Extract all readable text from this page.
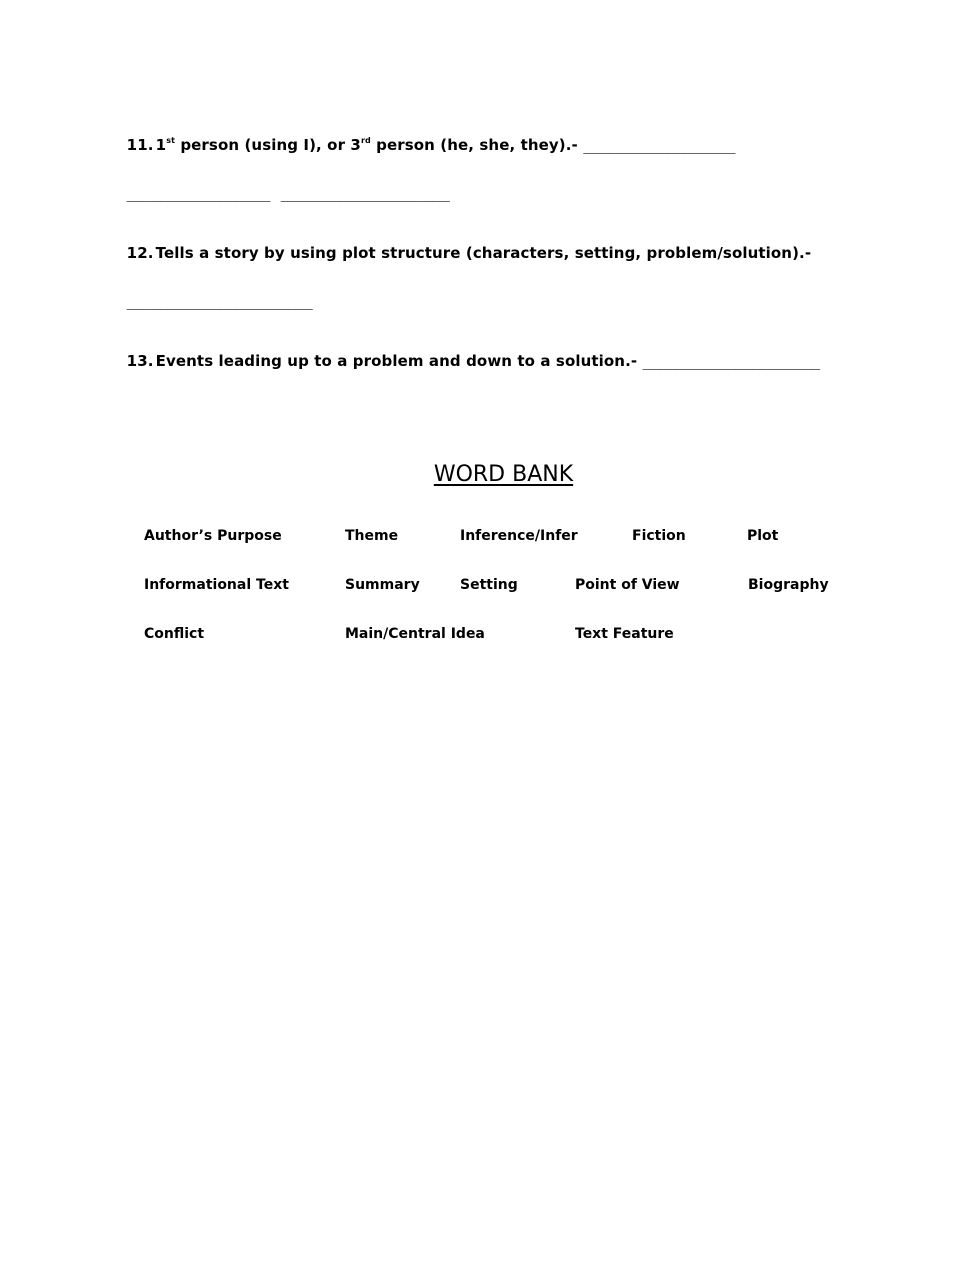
11. 1st person (using I), or 3rd person (he, she, they).- __________________

_________________ ____________________

12. Tells a story by using plot structure (characters, setting, problem/solution).-

______________________

13. Events leading up to a problem and down to a solution.- _____________________

WORD BANK
Author’s Purpose	Theme	Inference/Infer	Fiction	Plot
Informational Text	Summary	Setting	Point of View	Biography
Conflict	Main/Central Idea	Text Feature
